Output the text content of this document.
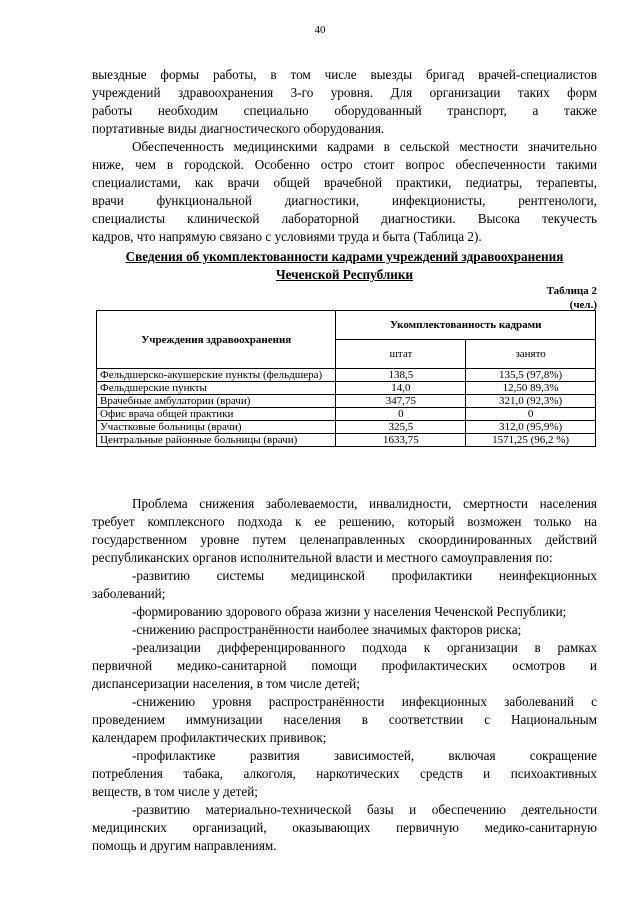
40
выездные формы работы, в том числе выезды бригад врачей-специалистов
учреждений здравоохранения 3-го уровня. Для организации таких форм
работы необходим специально оборудованный транспорт, а также
портативные виды диагностического оборудования.
Обеспеченность медицинскими кадрами в сельской местности значительно
ниже, чем в городской. Особенно остро стоит вопрос обеспеченности такими
специалистами, как врачи общей врачебной практики, педиатры, терапевты,
врачи функциональной диагностики, инфекционисты, рентгенологи,
специалисты клинической лабораторной диагностики. Высока текучесть
кадров, что напрямую связано с условиями труда и быта (Таблица 2).
Сведения об укомплектованности кадрами учреждений здравоохранения
Чеченской Республики
Таблица 2
(чел.)
Учреждения здравоохранения	Укомплектованность кадрами	
	штат	занято
Фельдшерско-акушерские пункты (фельдшера)	138,5	135,5 (97,8%)
Фельдшерские пункты	14,0	12,50 89,3%
Врачебные амбулатории (врачи)	347,75	321,0 (92,3%)
Офис врача общей практики	0	0
Участковые больницы (врачи)	325,5	312,0 (95,9%)
Центральные районные больницы (врачи)	1633,75	1571,25 (96,2 %)
Проблема снижения заболеваемости, инвалидности, смертности населения
требует комплексного подхода к ее решению, который возможен только на
государственном уровне путем целенаправленных скоординированных действий
республиканских органов исполнительной власти и местного самоуправления по:
-развитию системы медицинской профилактики неинфекционных
заболеваний;
-формированию здорового образа жизни у населения Чеченской Республики;
-снижению распространённости наиболее значимых факторов риска;
-реализации дифференцированного подхода к организации в рамках
первичной медико-санитарной помощи профилактических осмотров и
диспансеризации населения, в том числе детей;
-снижению уровня распространённости инфекционных заболеваний с
проведением иммунизации населения в соответствии с Национальным
календарем профилактических прививок;
-профилактике развития зависимостей, включая сокращение
потребления табака, алкоголя, наркотических средств и психоактивных
веществ, в том числе у детей;
-развитию материально-технической базы и обеспечению деятельности
медицинских организаций, оказывающих первичную медико-санитарную
помощь и другим направлениям.
